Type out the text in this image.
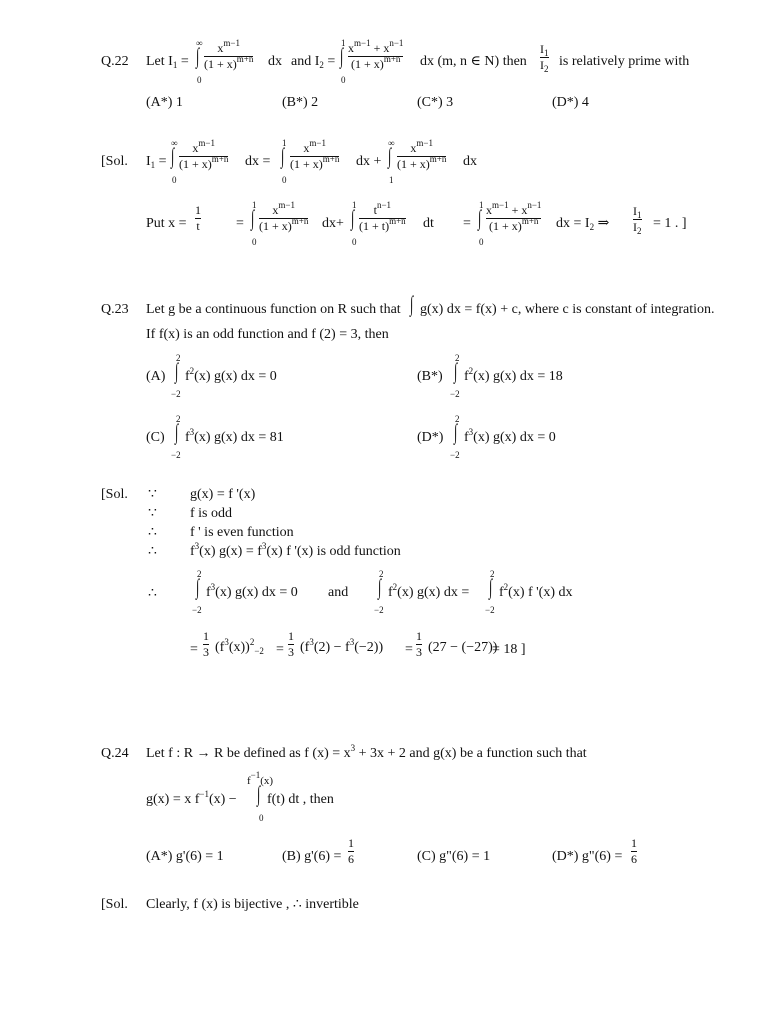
Q.22 Let $I_1$ = ∫
∞
0
$x^{m-1}$
$(1 + x)^{m+n}$ dx and $I_2$ = ∫
1
0
$x^{m-1} + x^{n-1}$
$(1 + x)^{m+n}$ dx (m, n ∈ N) then
$I_1$
$I_2$ is relatively prime with
(A*) 1	(B*) 2	(C*) 3	(D*) 4
[Sol. $I_1$ = ∫
∞
0
$x^{m-1}$
$(1 + x)^{m+n}$ dx = ∫
1
0
$x^{m-1}$
$(1 + x)^{m+n}$ dx + ∫
∞
1
$x^{m-1}$
$(1 + x)^{m+n}$ dx
Put x =
1
t	= ∫
1
0
$x^{m-1}$
$(1 + x)^{m+n}$ dx+ ∫
1
0
$t^{n-1}$
$(1 + t)^{m+n}$ dt = ∫
1
0
$x^{m-1} + x^{n-1}$
$(1 + x)^{m+n}$ dx = $I_2$ ⇒
$I_1$
$I_2 = 1$ . ]
Q.23 Let g be a continuous function on R such that ∫ g(x) dx = f(x) + c, where c is constant of integration.
If f(x) is an odd function and f (2) = 3, then
(A)
2
∫
−2
$f^2(x)$ g(x) dx = 0	(B*)
2
∫
−2
$f^2(x)$ g(x) dx = 18
(C)
2
∫
−2
$f^3(x)$ g(x) dx = 81	(D*)
2
∫
−2
$f^3(x)$ g(x) dx = 0
[Sol. ∵ g(x) = f '(x)
∵ f is odd
∴ f ' is even function
∴ $f^3(x) g(x) = f^3(x)$ f '(x) is odd function
∴
2
∫
−2
$f^3(x)$ g(x) dx = 0 and
2
∫
−2
$f^2(x)$ g(x) dx =
2
∫
−2
$f^2(x)$ f '(x) dx
=
1
3 $(f^3(x))^2_{-2}$ =
1
3 $(f^3(2) - f^3(-2))$ =
1
3 (27 − (−27))
= 18 ]
Q.24 Let f : R → R be defined as f $(x) = x^3 + 3x + 2$ and g(x) be a function such that
$f^{-1}(x)$
g(x) = x $f^{-1}(x)$ − ∫
0
f(t) dt , then
(A*) g'(6) = 1	(B) g'(6) =
1
6	(C) g"(6) = 1	(D*) g"(6) =
1
6
[Sol. Clearly, f (x) is bijective , ∴ invertible
